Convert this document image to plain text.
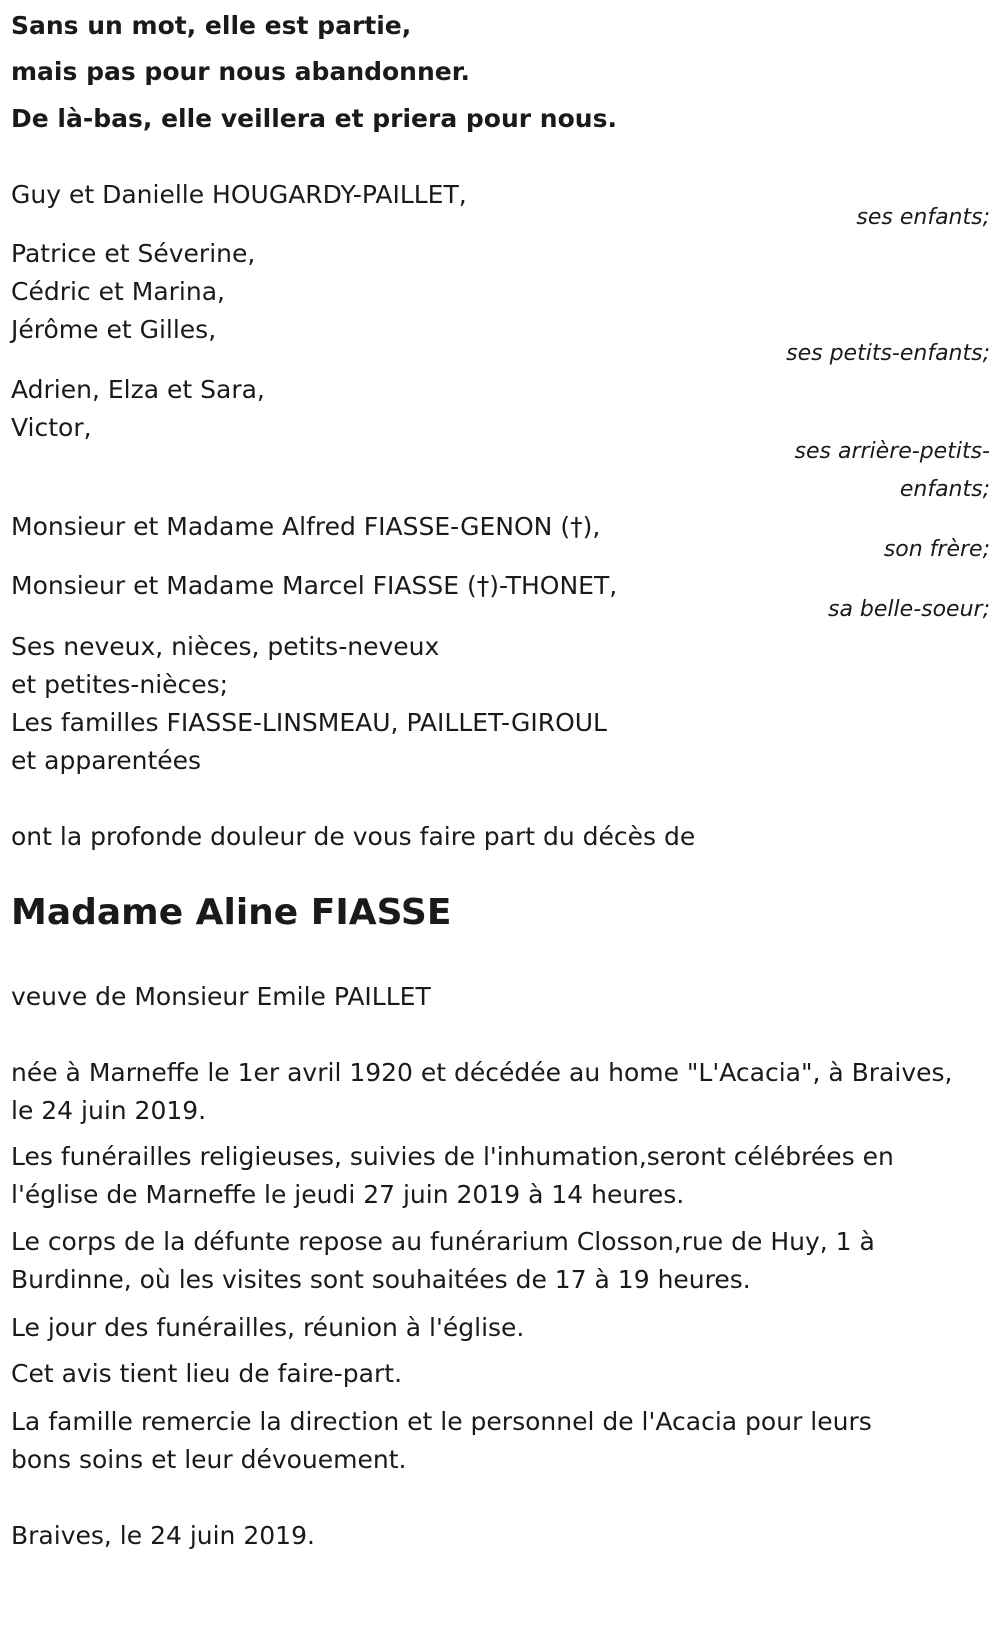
Sans un mot, elle est partie,
mais pas pour nous abandonner.
De là-bas, elle veillera et priera pour nous.
Guy et Danielle HOUGARDY-PAILLET,
ses enfants;
Patrice et Séverine,
Cédric et Marina,
Jérôme et Gilles,
ses petits-enfants;
Adrien, Elza et Sara,
Victor,
ses arrière-petits-
enfants;
Monsieur et Madame Alfred FIASSE-GENON (†),
son frère;
Monsieur et Madame Marcel FIASSE (†)-THONET,
sa belle-soeur;
Ses neveux, nièces, petits-neveux
et petites-nièces;
Les familles FIASSE-LINSMEAU, PAILLET-GIROUL
et apparentées
ont la profonde douleur de vous faire part du décès de
Madame Aline FIASSE
veuve de Monsieur Emile PAILLET
née à Marneffe le 1er avril 1920 et décédée au home "L'Acacia", à Braives,
le 24 juin 2019.
Les funérailles religieuses, suivies de l'inhumation,seront célébrées en
l'église de Marneffe le jeudi 27 juin 2019 à 14 heures.
Le corps de la défunte repose au funérarium Closson,rue de Huy, 1 à
Burdinne, où les visites sont souhaitées de 17 à 19 heures.
Le jour des funérailles, réunion à l'église.
Cet avis tient lieu de faire-part.
La famille remercie la direction et le personnel de l'Acacia pour leurs
bons soins et leur dévouement.
Braives, le 24 juin 2019.
